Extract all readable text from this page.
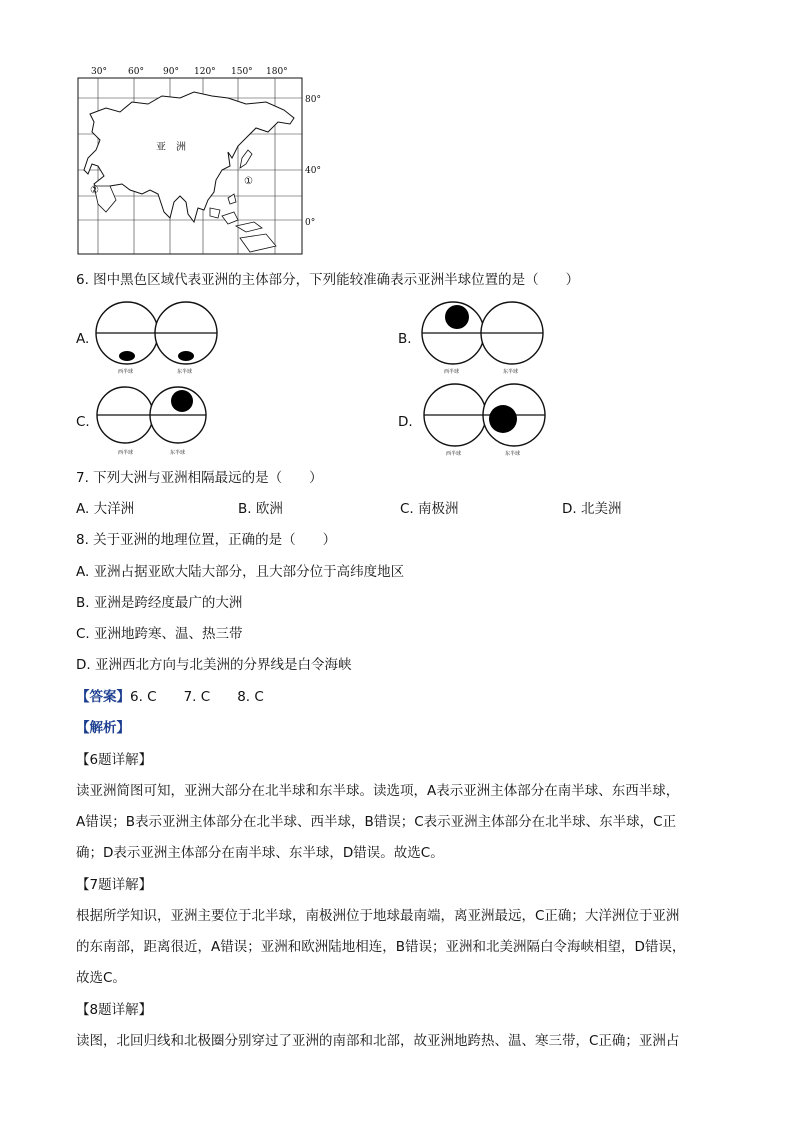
30° 60° 90° 120° 150° 180°
80°
40°
0°
亚　洲
①
②
6. 图中黑色区域代表亚洲的主体部分，下列能较准确表示亚洲半球位置的是（　　）
A.
西半球	东半球
B.
西半球	东半球
C.
西半球	东半球
D.
西半球	东半球
7. 下列大洲与亚洲相隔最远的是（　　）
A. 大洋洲	B. 欧洲	C. 南极洲	D. 北美洲
8. 关于亚洲的地理位置，正确的是（　　）
A. 亚洲占据亚欧大陆大部分，且大部分位于高纬度地区
B. 亚洲是跨经度最广的大洲
C. 亚洲地跨寒、温、热三带
D. 亚洲西北方向与北美洲的分界线是白令海峡
【答案】6. C　　7. C　　8. C
【解析】
【6题详解】
读亚洲简图可知，亚洲大部分在北半球和东半球。读选项，A表示亚洲主体部分在南半球、东西半球，
A错误；B表示亚洲主体部分在北半球、西半球，B错误；C表示亚洲主体部分在北半球、东半球，C正
确；D表示亚洲主体部分在南半球、东半球，D错误。故选C。
【7题详解】
根据所学知识，亚洲主要位于北半球，南极洲位于地球最南端，离亚洲最远，C正确；大洋洲位于亚洲
的东南部，距离很近，A错误；亚洲和欧洲陆地相连，B错误；亚洲和北美洲隔白令海峡相望，D错误，
故选C。
【8题详解】
读图，北回归线和北极圈分别穿过了亚洲的南部和北部，故亚洲地跨热、温、寒三带，C正确；亚洲占
